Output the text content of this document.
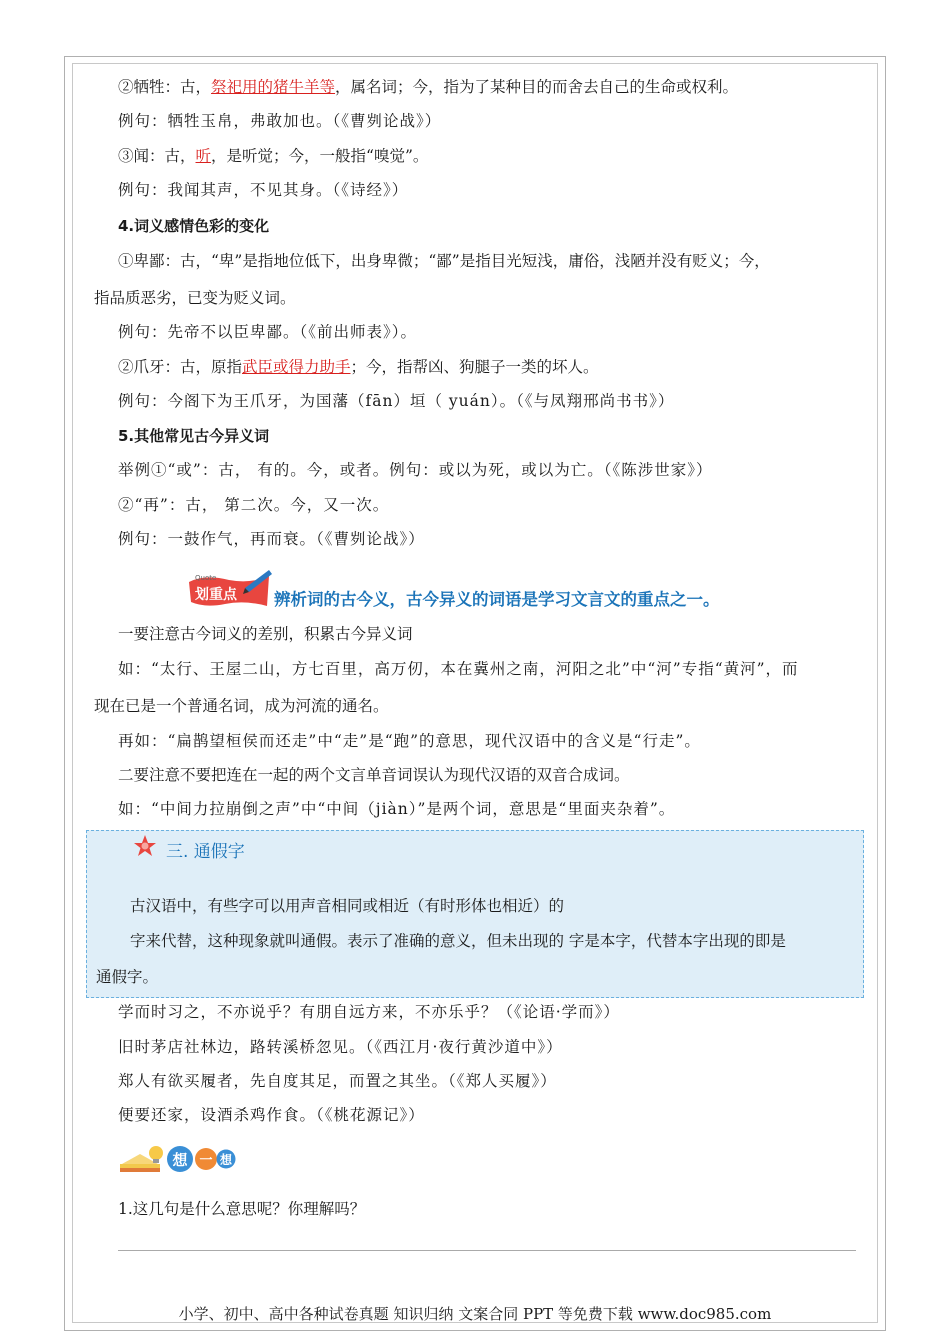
②牺牲：古，祭祀用的猪牛羊等，属名词；今，指为了某种目的而舍去自己的生命或权利。
例句：牺牲玉帛，弗敢加也。（《曹刿论战》）
③闻：古，听，是听觉；今，一般指“嗅觉”。
例句：我闻其声，不见其身。（《诗经》）
4.词义感情色彩的变化
①卑鄙：古，“卑”是指地位低下，出身卑微；“鄙”是指目光短浅，庸俗，浅陋并没有贬义；今，
指品质恶劣，已变为贬义词。
例句：先帝不以臣卑鄙。（《前出师表》）。
②爪牙：古，原指武臣或得力助手；今，指帮凶、狗腿子一类的坏人。
例句：今阁下为王爪牙，为国藩（fān）垣（ yuán）。（《与凤翔邢尚书书》）
5.其他常见古今异义词
举例①“或”：古， 有的。今，或者。例句：或以为死，或以为亡。（《陈涉世家》）
②“再”：古， 第二次。今，又一次。
例句：一鼓作气，再而衰。（《曹刿论战》）
Quote
划重点 辨析词的古今义，古今异义的词语是学习文言文的重点之一。
一要注意古今词义的差别，积累古今异义词
如：“太行、王屋二山，方七百里，高万仞，本在冀州之南，河阳之北”中“河”专指“黄河”，而
现在已是一个普通名词，成为河流的通名。
再如：“扁鹊望桓侯而还走”中“走”是“跑”的意思，现代汉语中的含义是“行走”。
二要注意不要把连在一起的两个文言单音词误认为现代汉语的双音合成词。
如：“中间力拉崩倒之声”中“中间（jiàn）”是两个词，意思是“里面夹杂着”。
三. 通假字
古汉语中，有些字可以用声音相同或相近（有时形体也相近）的
字来代替，这种现象就叫通假。表示了准确的意义，但未出现的 字是本字，代替本字出现的即是
通假字。
学而时习之，不亦说乎？有朋自远方来，不亦乐乎？（《论语·学而》）
旧时茅店社林边，路转溪桥忽见。（《西江月·夜行黄沙道中》）
郑人有欲买履者，先自度其足，而置之其坐。（《郑人买履》）
便要还家，设酒杀鸡作食。（《桃花源记》）
想 一 想
1.这几句是什么意思呢？你理解吗？
小学、初中、高中各种试卷真题 知识归纳 文案合同 PPT 等免费下载 www.doc985.com
